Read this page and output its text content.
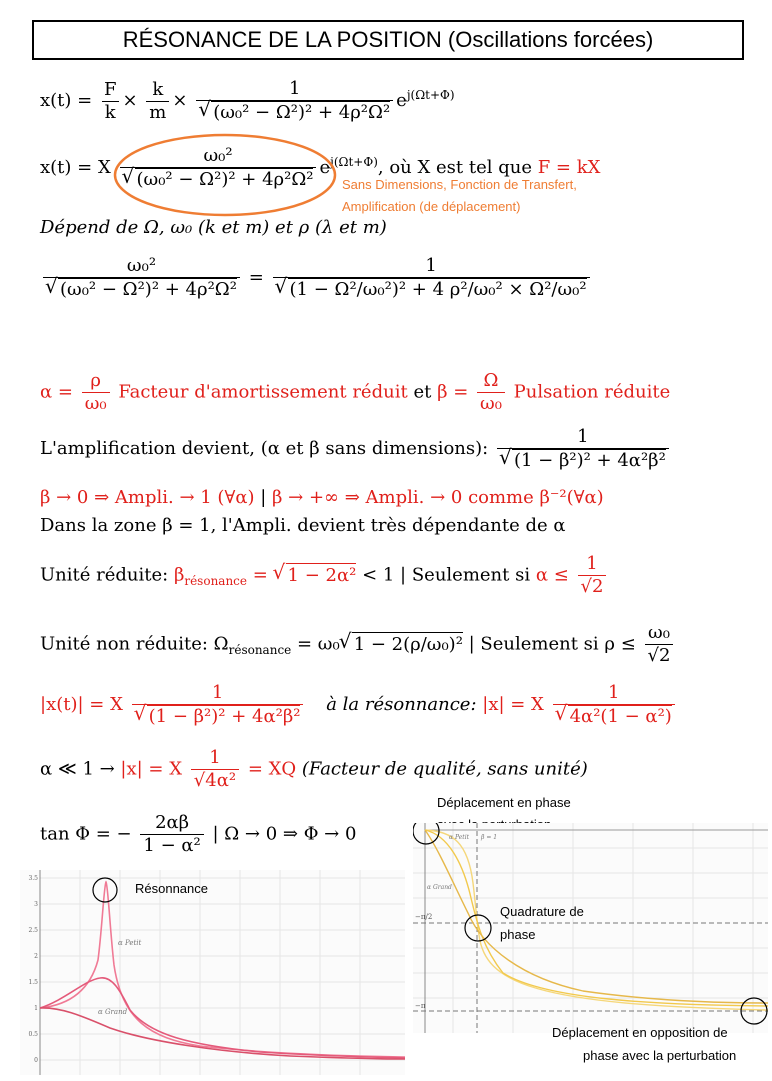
RÉSONANCE DE LA POSITION (Oscillations forcées)
$x(t) = \frac{F}{k} \times \frac{k}{m} \times 1$
√ (ω₀² − Ω²)² + 4ρ²Ω² $e^{j(\Omega t+\Phi)}$
x(t) = X ω₀²
√ (ω₀² − Ω²)² + 4ρ²Ω² $e^{j(\Omega t+\Phi)}$, où X est tel que F = kX
Sans Dimensions, Fonction de Transfert,
Amplification (de déplacement)
Dépend de Ω, ω₀ (k et m) et ρ (λ et m)
ω₀²
√ (ω₀² − Ω²)² + 4ρ²Ω² = 1
√ (1 − Ω²/ω₀²)² + 4 ρ²/ω₀² × Ω²/ω₀²
$\alpha = \frac{\rho}{\text{ω₀}}$ Facteur d'amortissement réduit et $\beta = \frac{\Omega}{\text{ω₀}}$ Pulsation réduite
L'amplification devient, (α et β sans dimensions): 1
√ (1 − β²)² + 4α²β²
β → 0 ⇒ Ampli. → 1 (∀α) | β → +∞ ⇒ Ampli. → 0 comme β⁻²(∀α)
Dans la zone β = 1, l'Ampli. devient très dépendante de α
Unité réduite: $\beta_{résonance}$ = √ 1 − 2α² < 1 | Seulement si $\alpha \le \frac{1}{√2}$
Unité non réduite: $\Omega_{résonance} = \omega_0√$ 1 − 2(ρ/ω₀)² | Seulement si $\rho \le \frac{\text{ω₀}}{√2}$
|x(t)| = X 1
√ (1 − β²)² + 4α²β² à la résonnance: |x| = X 1
√ 4α²(1 − α²)
α ≪ 1 → |x| = X $\frac{1}{\text{√4α²}}$ = XQ (Facteur de qualité, sans unité)
tan Φ = − $\frac{2\alpha\beta}{\text{1 − α²}}$ | Ω → 0 ⇒ Φ → 0
Déplacement en phase
3.5
3
2.5
2
1.5
1
0.5
0
α Petit
α Grand
Résonnance
−π/2
−π
α Petit β = 1
α Grand
Quadrature de
phase
Déplacement en opposition de
phase avec la perturbation
